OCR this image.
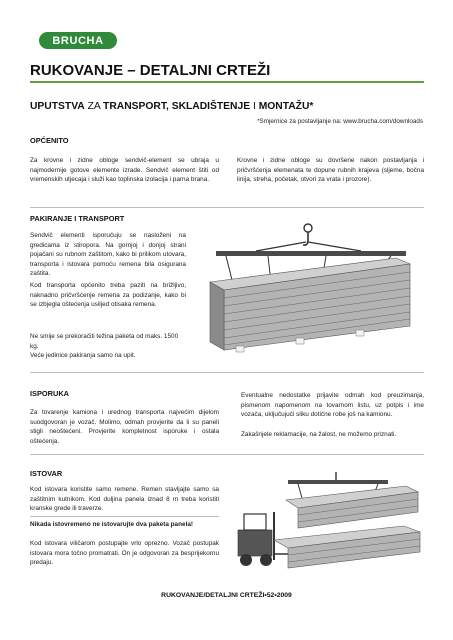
BRUCHA
RUKOVANJE – DETALJNI CRTEŽI
UPUTSTVA ZA TRANSPORT, SKLADIŠTENJE I MONTAŽU*
*Smjernice za postavljanje na: www.brucha.com/downloads
OPĆENITO
Za krovne i zidne obloge sendvič-element se ubraja u najmodernije gotove elemente izrade. Sendvič element štiti od vremenskih utjecaja i služi kao toplinska izolacija i parna brana.
Krovne i zidne obloge su dovršene nakon postavljanja i pričvršćenja elemenata te dopune rubnih krajeva (sljeme, bočna linija, streha, početak, otvori za vrata i prozore).
PAKIRANJE I TRANSPORT
Sendvič elementi isporučuju se nasloženi na gredicama iz stiropora. Na gornjoj i donjoj strani pojačani su rubnom zaštitom, kako bi prilikom utovara, transporta i istovara pomoću remena bila osigurana zaštita.
Kod transporta općenito treba paziti na brižljivo, naknadno pričvršćenje remena za podizanje, kako bi se izbjegla oštećenja usiljed otisaka remena.
Ne smije se prekoračiti težina paketa od maks. 1500 kg.
Veće jedinice pakiranja samo na upit.
ISPORUKA
Za tovarenje kamiona i urednog transporta najvećim dijelom suodgovoran je vozač. Molimo, odmah provjerite da li su paneli stigli neoštećeni. Provjerite kompletnost isporuke i ostala oštećenja.
Eventualne nedostatke prijavite odmah kod preuzimanja, pismenom napomenom na tovarnom listu, uz potpis i ime vozača, uključujući sliku dotične robe još na kamionu.
Zakašnjele reklamacije, na žalost, ne možemo priznati.
ISTOVAR
Kod istovara koristite samo remene. Remen stavljajte samo sa zaštitnim kutnikom. Kod duljina panela iznad 8 m treba koristiti kranske grede ili traverze.
Nikada istovremeno ne istovarujte dva paketa panela!
Kod istovara viličarom postupajte vrlo oprezno. Vozač postupak istovara mora točno promatrati. On je odgovoran za besprijekornu predaju.
RUKOVANJE/DETALJNI CRTEŽI•52•2009
